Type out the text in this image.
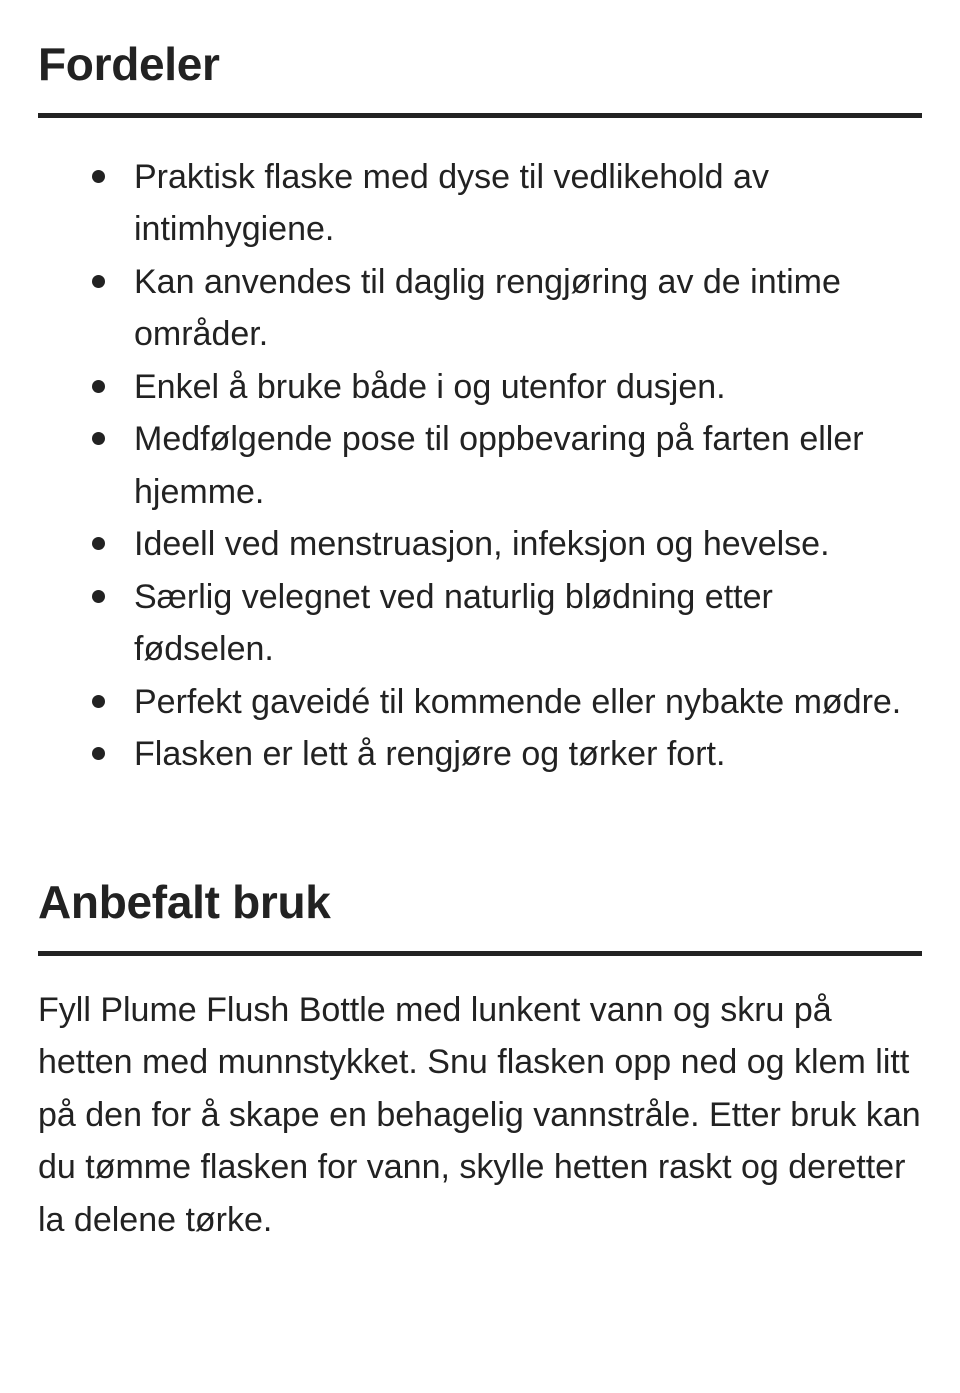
Fordeler
Praktisk flaske med dyse til vedlikehold av intimhygiene.
Kan anvendes til daglig rengjøring av de intime områder.
Enkel å bruke både i og utenfor dusjen.
Medfølgende pose til oppbevaring på farten eller hjemme.
Ideell ved menstruasjon, infeksjon og hevelse.
Særlig velegnet ved naturlig blødning etter fødselen.
Perfekt gaveidé til kommende eller nybakte mødre.
Flasken er lett å rengjøre og tørker fort.
Anbefalt bruk

Fyll Plume Flush Bottle med lunkent vann og skru på hetten med munnstykket. Snu flasken opp ned og klem litt på den for å skape en behagelig vannstråle. Etter bruk kan du tømme flasken for vann, skylle hetten raskt og deretter la delene tørke.
